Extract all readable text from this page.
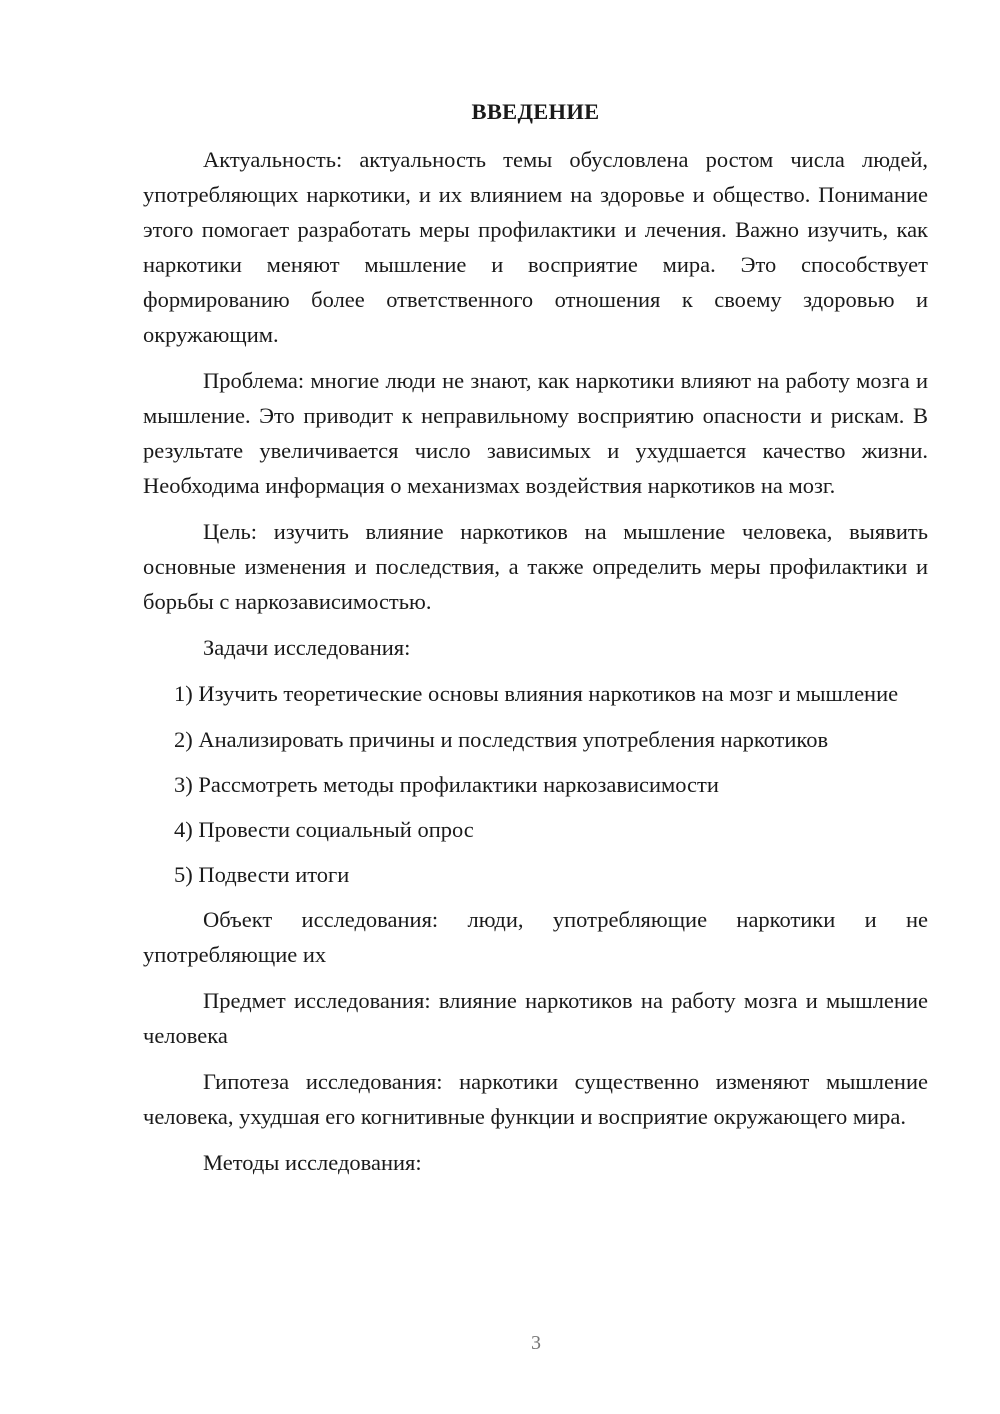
ВВЕДЕНИЕ

Актуальность: актуальность темы обусловлена ростом числа людей, употребляющих наркотики, и их влиянием на здоровье и общество. Понимание этого помогает разработать меры профилактики и лечения. Важно изучить, как наркотики меняют мышление и восприятие мира. Это способствует формированию более ответственного отношения к своему здоровью и окружающим.

Проблема: многие люди не знают, как наркотики влияют на работу мозга и мышление. Это приводит к неправильному восприятию опасности и рискам. В результате увеличивается число зависимых и ухудшается качество жизни. Необходима информация о механизмах воздействия наркотиков на мозг.

Цель: изучить влияние наркотиков на мышление человека, выявить основные изменения и последствия, а также определить меры профилактики и борьбы с наркозависимостью.

Задачи исследования:

1) Изучить теоретические основы влияния наркотиков на мозг и мышление

2) Анализировать причины и последствия употребления наркотиков

3) Рассмотреть методы профилактики наркозависимости

4) Провести социальный опрос

5) Подвести итоги

Объект исследования: люди, употребляющие наркотики и не употребляющие их

Предмет исследования: влияние наркотиков на работу мозга и мышление человека

Гипотеза исследования: наркотики существенно изменяют мышление человека, ухудшая его когнитивные функции и восприятие окружающего мира.

Методы исследования:

3
